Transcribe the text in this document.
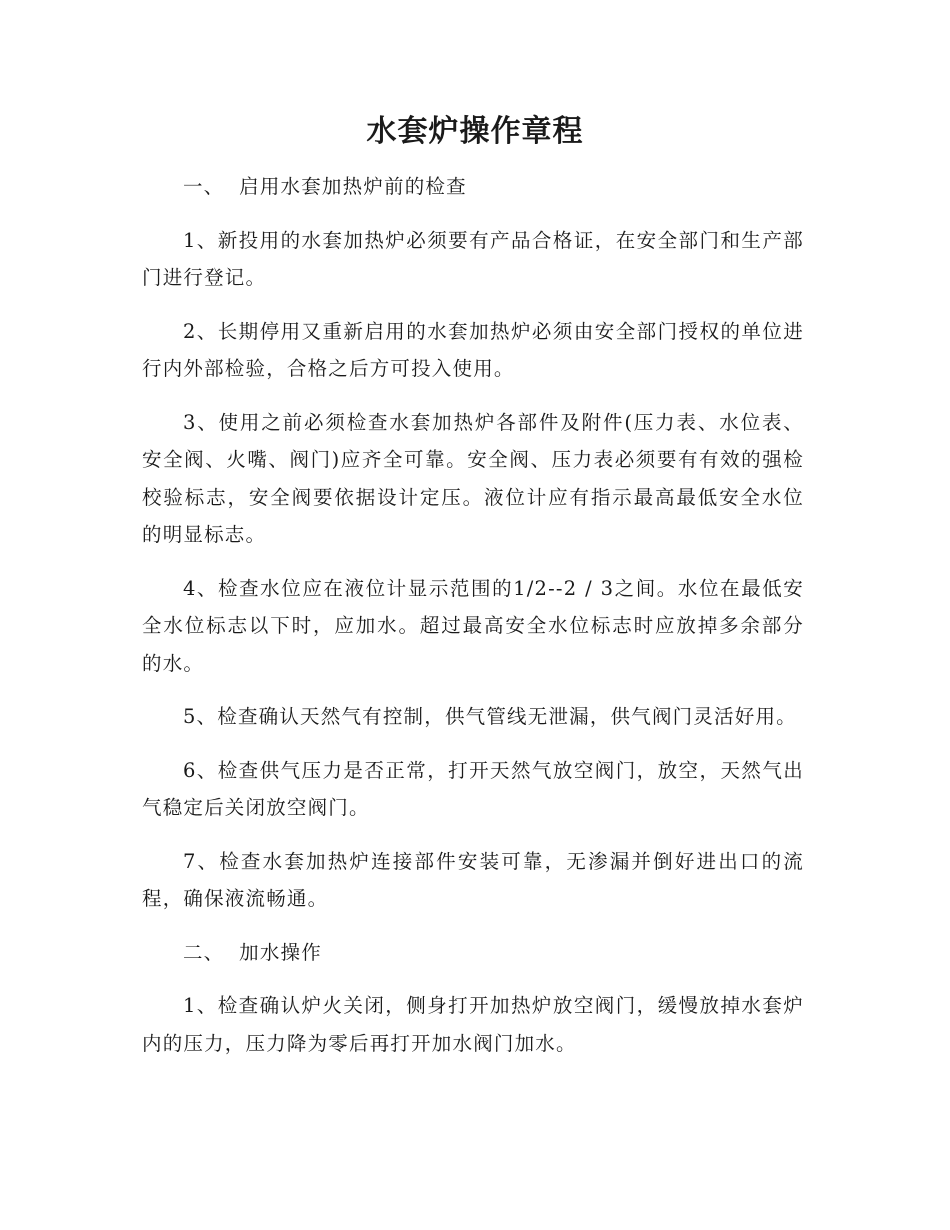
水套炉操作章程
一、  启用水套加热炉前的检查
1、新投用的水套加热炉必须要有产品合格证，在安全部门和生产部门进行登记。
2、长期停用又重新启用的水套加热炉必须由安全部门授权的单位进行内外部检验，合格之后方可投入使用。
3、使用之前必须检查水套加热炉各部件及附件(压力表、水位表、安全阀、火嘴、阀门)应齐全可靠。安全阀、压力表必须要有有效的强检校验标志，安全阀要依据设计定压。液位计应有指示最高最低安全水位的明显标志。
4、检查水位应在液位计显示范围的1/2--2 / 3之间。水位在最低安全水位标志以下时，应加水。超过最高安全水位标志时应放掉多余部分的水。
5、检查确认天然气有控制，供气管线无泄漏，供气阀门灵活好用。
6、检查供气压力是否正常，打开天然气放空阀门，放空，天然气出气稳定后关闭放空阀门。
7、检查水套加热炉连接部件安装可靠，无渗漏并倒好进出口的流程，确保液流畅通。
二、  加水操作
1、检查确认炉火关闭，侧身打开加热炉放空阀门，缓慢放掉水套炉内的压力，压力降为零后再打开加水阀门加水。
